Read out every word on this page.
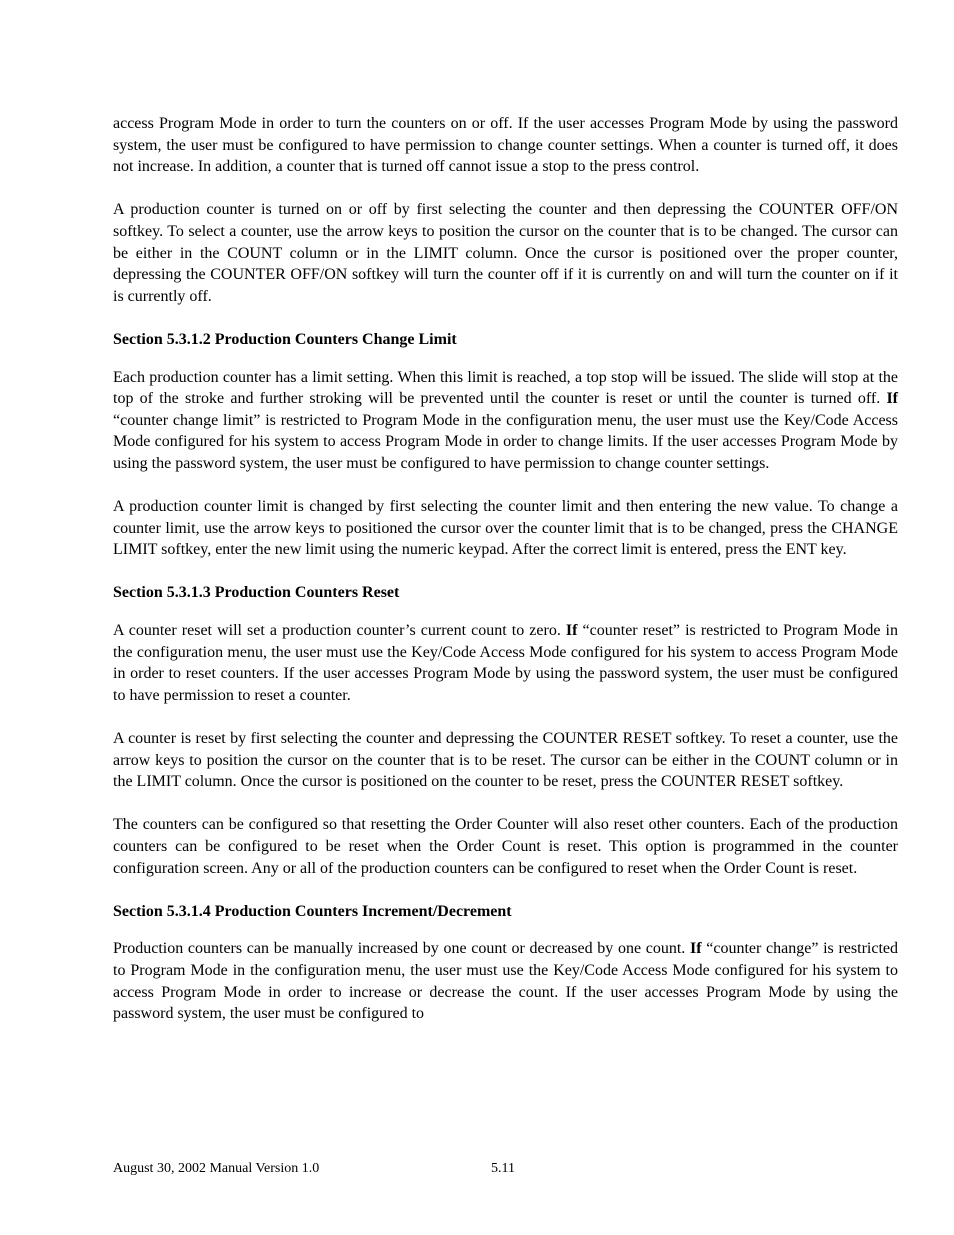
access Program Mode in order to turn the counters on or off. If the user accesses Program Mode by using the password system, the user must be configured to have permission to change counter settings. When a counter is turned off, it does not increase. In addition, a counter that is turned off cannot issue a stop to the press control.

A production counter is turned on or off by first selecting the counter and then depressing the COUNTER OFF/ON softkey. To select a counter, use the arrow keys to position the cursor on the counter that is to be changed. The cursor can be either in the COUNT column or in the LIMIT column. Once the cursor is positioned over the proper counter, depressing the COUNTER OFF/ON softkey will turn the counter off if it is currently on and will turn the counter on if it is currently off.

Section 5.3.1.2 Production Counters Change Limit

Each production counter has a limit setting. When this limit is reached, a top stop will be issued. The slide will stop at the top of the stroke and further stroking will be prevented until the counter is reset or until the counter is turned off. If “counter change limit” is restricted to Program Mode in the configuration menu, the user must use the Key/Code Access Mode configured for his system to access Program Mode in order to change limits. If the user accesses Program Mode by using the password system, the user must be configured to have permission to change counter settings.

A production counter limit is changed by first selecting the counter limit and then entering the new value. To change a counter limit, use the arrow keys to positioned the cursor over the counter limit that is to be changed, press the CHANGE LIMIT softkey, enter the new limit using the numeric keypad. After the correct limit is entered, press the ENT key.

Section 5.3.1.3 Production Counters Reset

A counter reset will set a production counter’s current count to zero. If “counter reset” is restricted to Program Mode in the configuration menu, the user must use the Key/Code Access Mode configured for his system to access Program Mode in order to reset counters. If the user accesses Program Mode by using the password system, the user must be configured to have permission to reset a counter.

A counter is reset by first selecting the counter and depressing the COUNTER RESET softkey. To reset a counter, use the arrow keys to position the cursor on the counter that is to be reset. The cursor can be either in the COUNT column or in the LIMIT column. Once the cursor is positioned on the counter to be reset, press the COUNTER RESET softkey.

The counters can be configured so that resetting the Order Counter will also reset other counters. Each of the production counters can be configured to be reset when the Order Count is reset. This option is programmed in the counter configuration screen. Any or all of the production counters can be configured to reset when the Order Count is reset.

Section 5.3.1.4 Production Counters Increment/Decrement

Production counters can be manually increased by one count or decreased by one count. If “counter change” is restricted to Program Mode in the configuration menu, the user must use the Key/Code Access Mode configured for his system to access Program Mode in order to increase or decrease the count. If the user accesses Program Mode by using the password system, the user must be configured to

August 30, 2002 Manual Version 1.0	5.11
